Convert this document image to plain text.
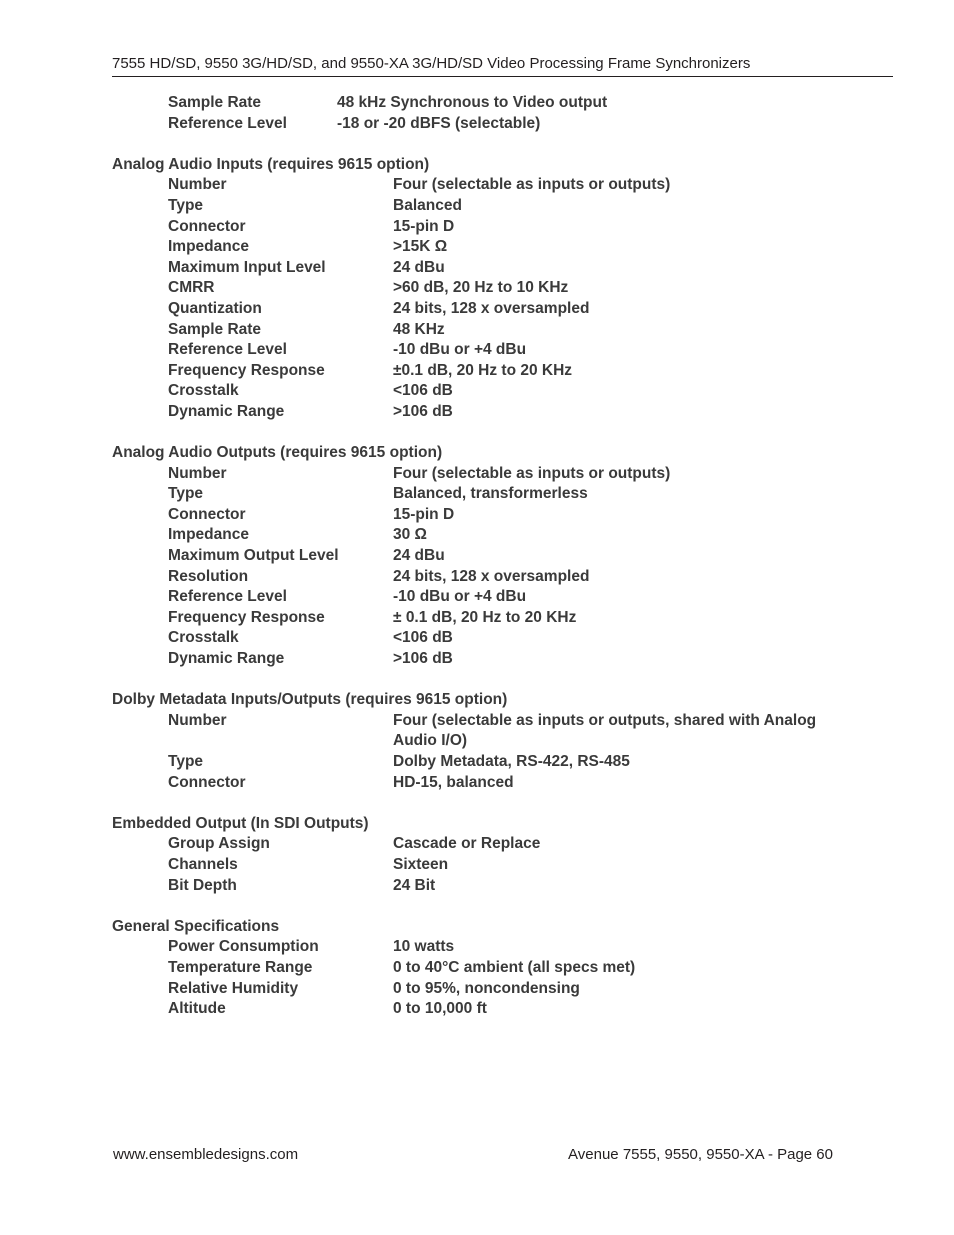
7555 HD/SD, 9550 3G/HD/SD, and 9550-XA 3G/HD/SD Video Processing Frame Synchronizers
Sample Rate	48 kHz Synchronous to Video output
Reference Level	-18 or -20 dBFS (selectable)
Analog Audio Inputs (requires 9615 option)
Number	Four (selectable as inputs or outputs)
Type	Balanced
Connector	15-pin D
Impedance	>15K Ω
Maximum Input Level	24 dBu
CMRR	>60 dB, 20 Hz to 10 KHz
Quantization	24 bits, 128 x oversampled
Sample Rate	48 KHz
Reference Level	-10 dBu or +4 dBu
Frequency Response	±0.1 dB, 20 Hz to 20 KHz
Crosstalk	<106 dB
Dynamic Range	>106 dB
Analog Audio Outputs (requires 9615 option)
Number	Four (selectable as inputs or outputs)
Type	Balanced, transformerless
Connector	15-pin D
Impedance	30 Ω
Maximum Output Level	24 dBu
Resolution	24 bits, 128 x oversampled
Reference Level	-10 dBu or +4 dBu
Frequency Response	± 0.1 dB, 20 Hz to 20 KHz
Crosstalk	<106 dB
Dynamic Range	>106 dB
Dolby Metadata Inputs/Outputs (requires 9615 option)
Number	Four (selectable as inputs or outputs, shared with Analog
Audio I/O)
Type	Dolby Metadata, RS-422, RS-485
Connector	HD-15, balanced
Embedded Output (In SDI Outputs)
Group Assign	Cascade or Replace
Channels	Sixteen
Bit Depth	24 Bit
General Specifications
Power Consumption	10 watts
Temperature Range	0 to 40°C ambient (all specs met)
Relative Humidity	0 to 95%, noncondensing
Altitude	0 to 10,000 ft
www.ensembledesigns.com	Avenue 7555, 9550, 9550-XA - Page 60
